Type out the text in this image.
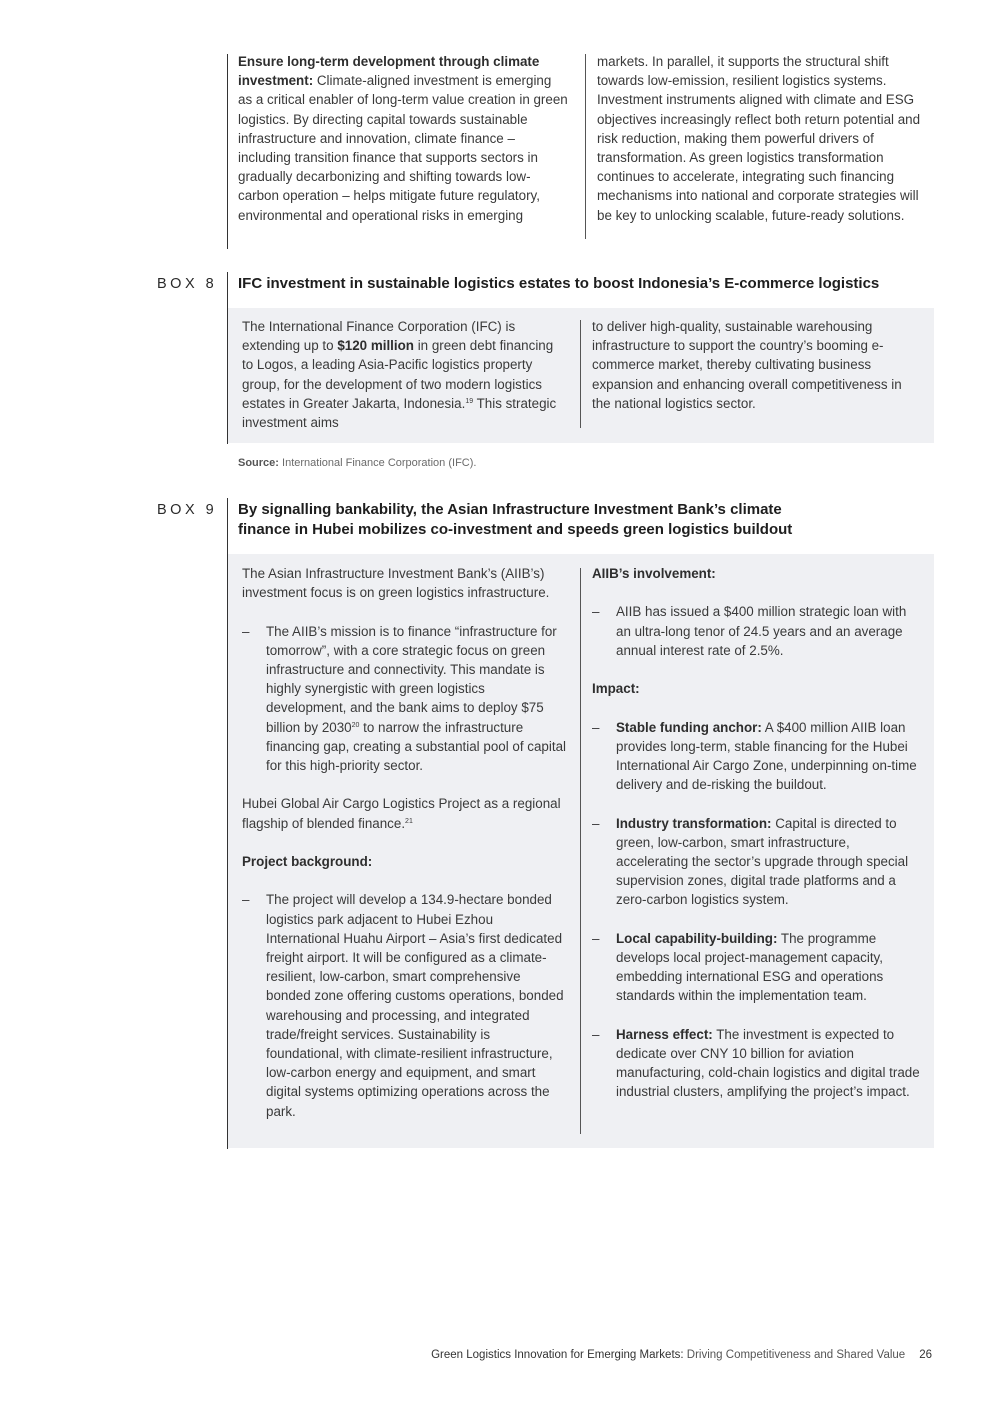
Ensure long-term development through climate investment: Climate-aligned investment is emerging as a critical enabler of long-term value creation in green logistics. By directing capital towards sustainable infrastructure and innovation, climate finance – including transition finance that supports sectors in gradually decarbonizing and shifting towards low-carbon operation – helps mitigate future regulatory, environmental and operational risks in emerging

markets. In parallel, it supports the structural shift towards low-emission, resilient logistics systems. Investment instruments aligned with climate and ESG objectives increasingly reflect both return potential and risk reduction, making them powerful drivers of transformation. As green logistics transformation continues to accelerate, integrating such financing mechanisms into national and corporate strategies will be key to unlocking scalable, future-ready solutions.

BOX 8 IFC investment in sustainable logistics estates to boost Indonesia’s E-commerce logistics

The International Finance Corporation (IFC) is extending up to $120 million in green debt financing to Logos, a leading Asia-Pacific logistics property group, for the development of two modern logistics estates in Greater Jakarta, Indonesia.$^{19}$ This strategic investment aims

to deliver high-quality, sustainable warehousing infrastructure to support the country’s booming e-commerce market, thereby cultivating business expansion and enhancing overall competitiveness in the national logistics sector.

Source: International Finance Corporation (IFC).
BOX 9 By signalling bankability, the Asian Infrastructure Investment Bank’s climate
finance in Hubei mobilizes co-investment and speeds green logistics buildout

The Asian Infrastructure Investment Bank’s (AIIB’s) investment focus is on green logistics infrastructure.

– The AIIB’s mission is to finance “infrastructure for tomorrow”, with a core strategic focus on green infrastructure and connectivity. This mandate is highly synergistic with green logistics development, and the bank aims to deploy $75 billion by 2030$^{20}$ to narrow the infrastructure financing gap, creating a substantial pool of capital for this high-priority sector.

Hubei Global Air Cargo Logistics Project as a regional flagship of blended finance.$^{21}$

Project background:

– The project will develop a 134.9-hectare bonded logistics park adjacent to Hubei Ezhou International Huahu Airport – Asia’s first dedicated freight airport. It will be configured as a climate-resilient, low-carbon, smart comprehensive bonded zone offering customs operations, bonded warehousing and processing, and integrated trade/freight services. Sustainability is foundational, with climate-resilient infrastructure, low-carbon energy and equipment, and smart digital systems optimizing operations across the park.

AIIB’s involvement:

– AIIB has issued a $400 million strategic loan with an ultra-long tenor of 24.5 years and an average annual interest rate of 2.5%.

Impact:

– Stable funding anchor: A $400 million AIIB loan provides long-term, stable financing for the Hubei International Air Cargo Zone, underpinning on-time delivery and de-risking the buildout.
– Industry transformation: Capital is directed to green, low-carbon, smart infrastructure, accelerating the sector’s upgrade through special supervision zones, digital trade platforms and a zero-carbon logistics system.
– Local capability-building: The programme develops local project-management capacity, embedding international ESG and operations standards within the implementation team.
– Harness effect: The investment is expected to dedicate over CNY 10 billion for aviation manufacturing, cold-chain logistics and digital trade industrial clusters, amplifying the project’s impact.
Green Logistics Innovation for Emerging Markets: Driving Competitiveness and Shared Value 26
